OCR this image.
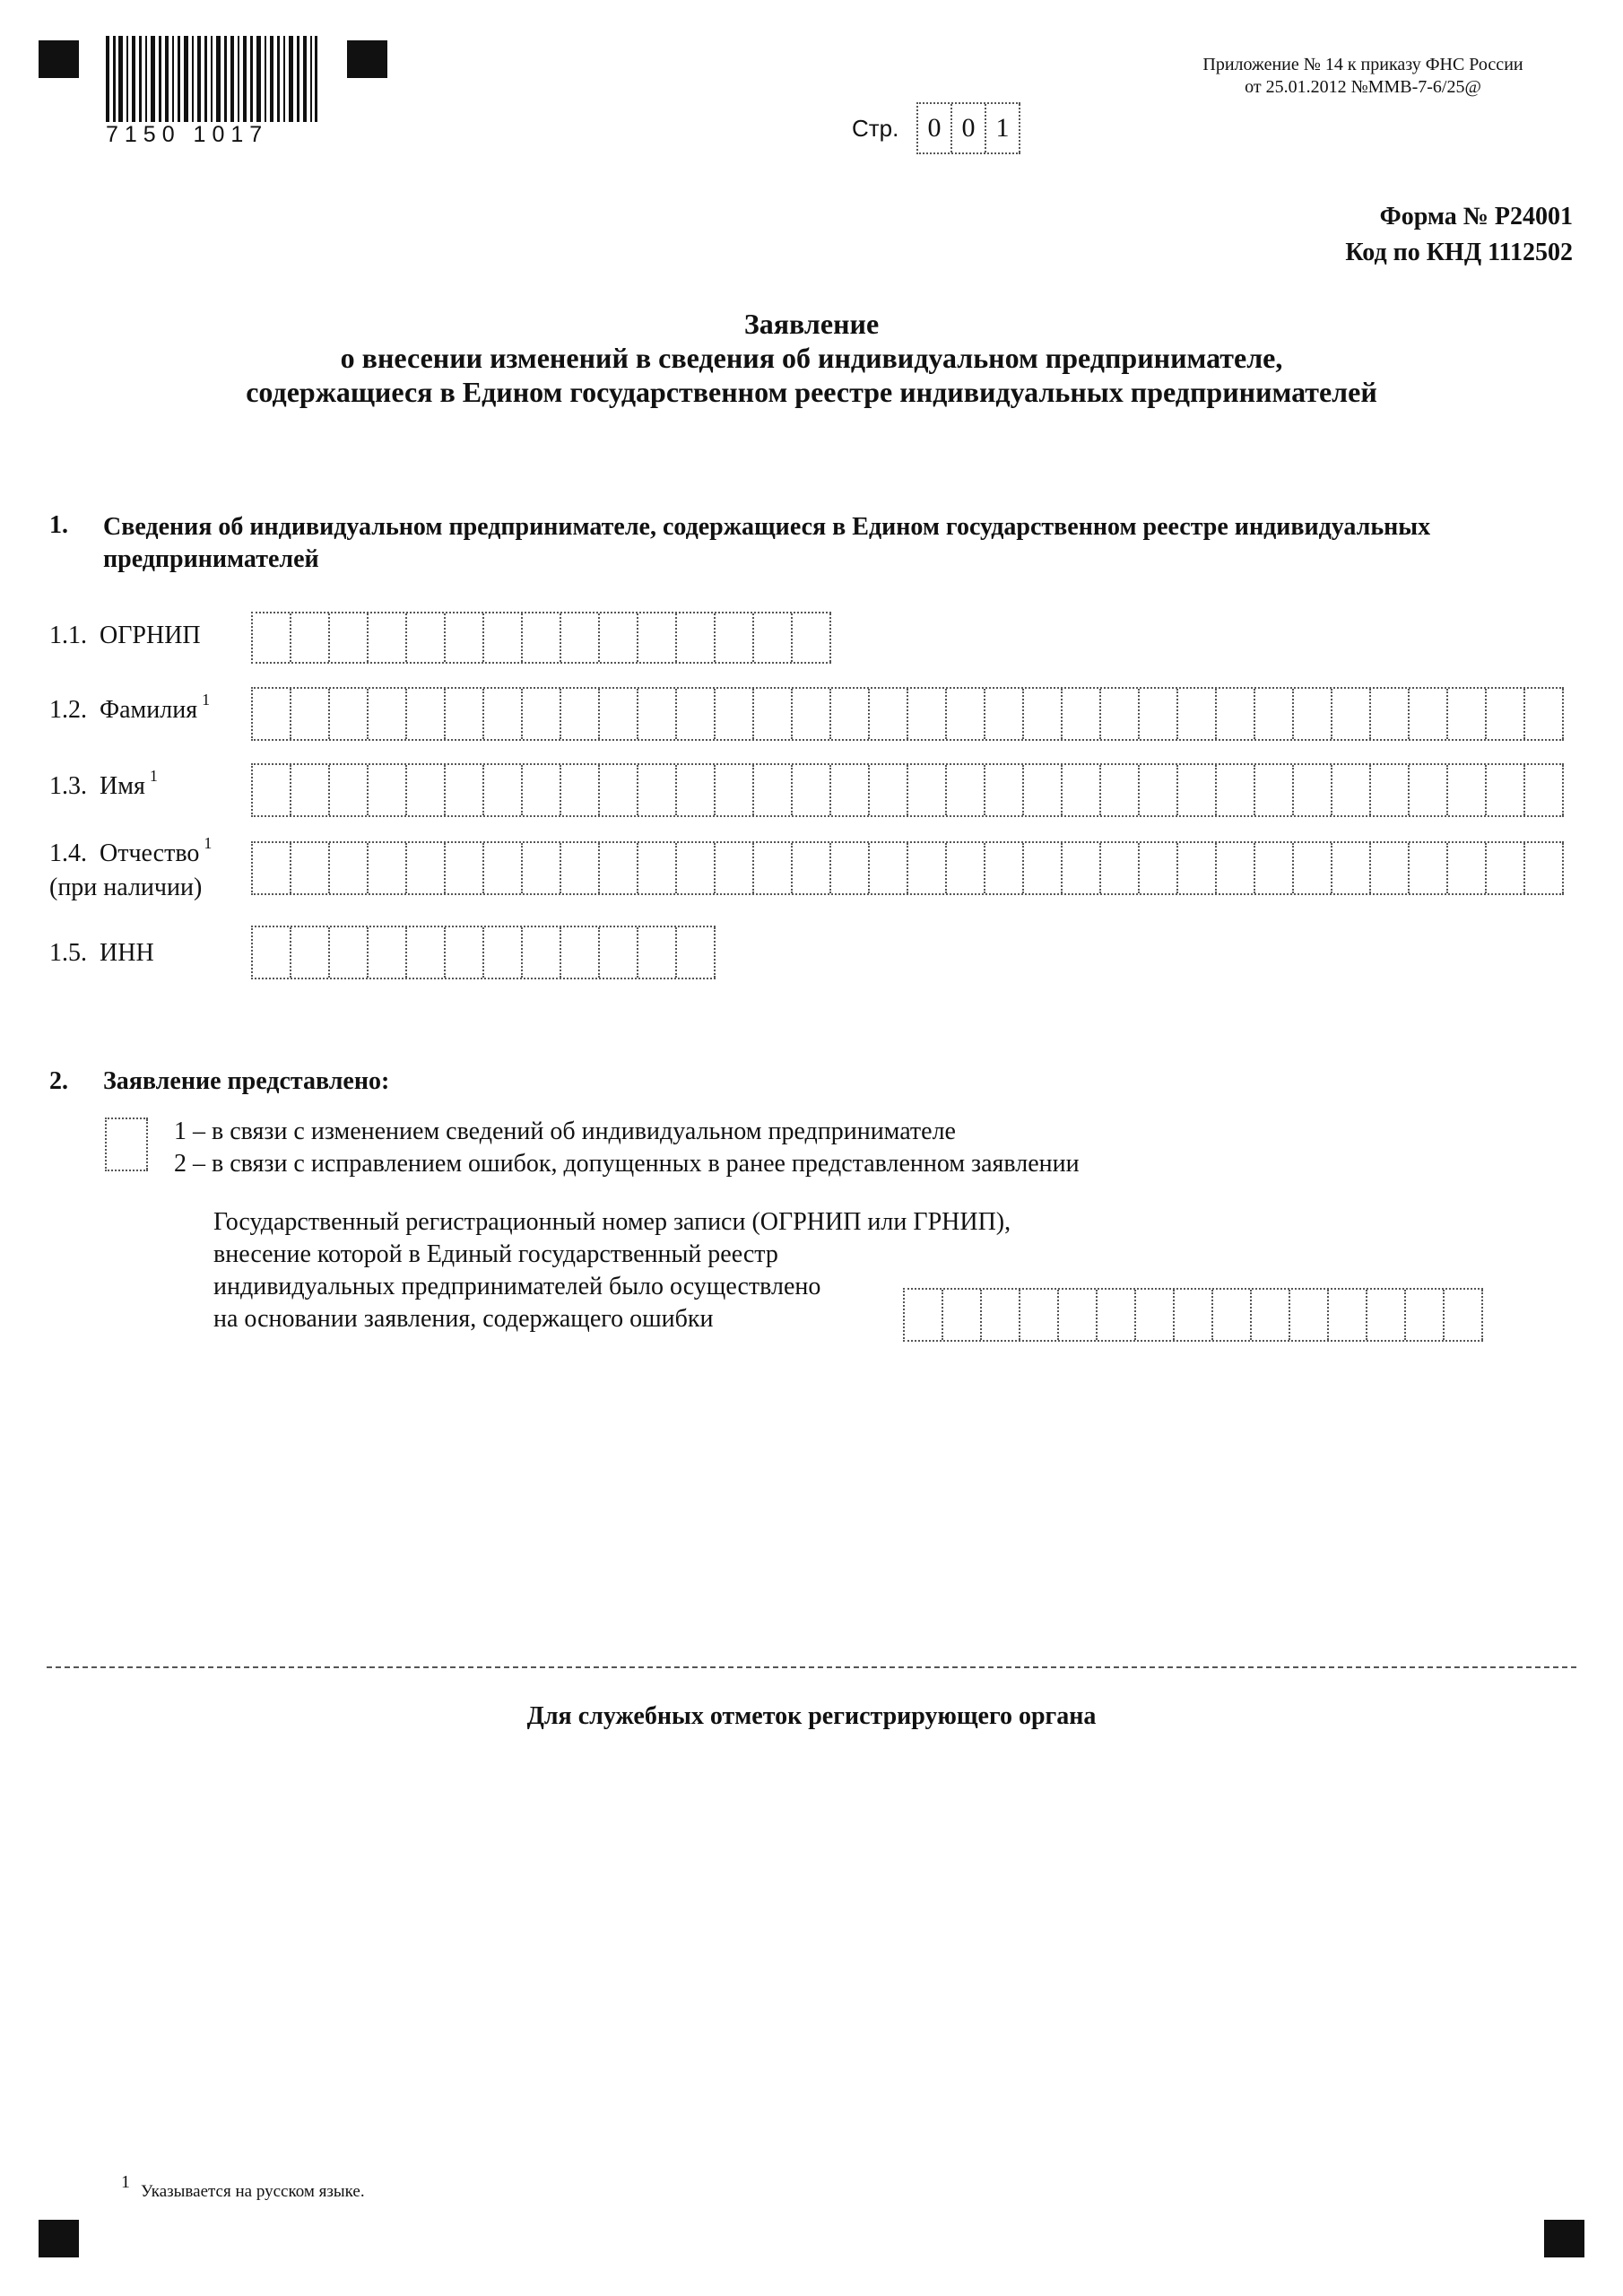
7150 1017
Приложение № 14 к приказу ФНС России
от 25.01.2012 №ММВ-7-6/25@
Стр.	0 0 1
Форма № Р24001
Код по КНД 1112502
Заявление
о внесении изменений в сведения об индивидуальном предпринимателе,
содержащиеся в Едином государственном реестре индивидуальных предпринимателей
1. Сведения об индивидуальном предпринимателе, содержащиеся в Едином государственном реестре индивидуальных
предпринимателей
1.1. ОГРНИП
1.2. Фамилия $^1$
1.3. Имя $^1$
1.4. Отчество $^1$
(при наличии)
1.5. ИНН
2. Заявление представлено:
1 – в связи с изменением сведений об индивидуальном предпринимателе
2 – в связи с исправлением ошибок, допущенных в ранее представленном заявлении
Государственный регистрационный номер записи (ОГРНИП или ГРНИП),
внесение которой в Единый государственный реестр
индивидуальных предпринимателей было осуществлено
на основании заявления, содержащего ошибки
Для служебных отметок регистрирующего органа
1 Указывается на русском языке.
